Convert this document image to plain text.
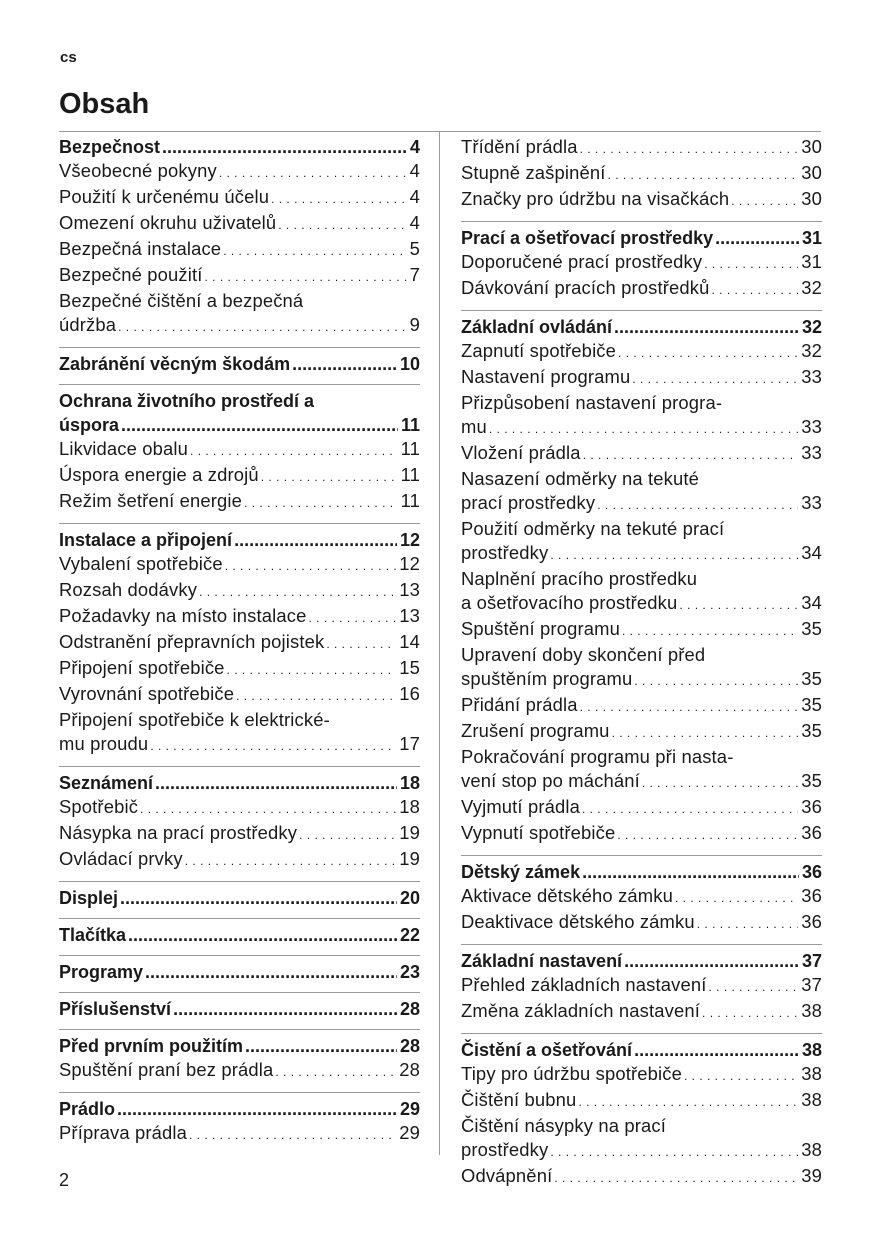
cs
Obsah
Bezpečnost .....	4
Všeobecné pokyny . . .	4
Použití k určenému účelu . . .	4
Omezení okruhu uživatelů . . .	4
Bezpečná instalace . . .	5
Bezpečné použití . . .	7
Bezpečné čištění a bezpečná
údržba . . .	9
Zabránění věcným škodám .....	10
Ochrana životního prostředí a
úspora .....	11
Likvidace obalu . . .	11
Úspora energie a zdrojů . . .	11
Režim šetření energie . . .	11
Instalace a připojení .....	12
Vybalení spotřebiče . . .	12
Rozsah dodávky . . .	13
Požadavky na místo instalace . . .	13
Odstranění přepravních pojistek . . .	14
Připojení spotřebiče . . .	15
Vyrovnání spotřebiče . . .	16
Připojení spotřebiče k elektrické-
mu proudu . . .	17
Seznámení .....	18
Spotřebič . . .	18
Násypka na prací prostředky . . .	19
Ovládací prvky . . .	19
Displej .....	20
Tlačítka .....	22
Programy .....	23
Příslušenství .....	28
Před prvním použitím .....	28
Spuštění praní bez prádla . . .	28
Prádlo .....	29
Příprava prádla . . .	29
Třídění prádla . . .	30
Stupně zašpinění . . .	30
Značky pro údržbu na visačkách . . .	30
Prací a ošetřovací prostředky .....	31
Doporučené prací prostředky . . .	31
Dávkování pracích prostředků . . .	32
Základní ovládání .....	32
Zapnutí spotřebiče . . .	32
Nastavení programu . . .	33
Přizpůsobení nastavení progra-
mu . . .	33
Vložení prádla . . .	33
Nasazení odměrky na tekuté
prací prostředky . . .	33
Použití odměrky na tekuté prací
prostředky . . .	34
Naplnění pracího prostředku
a ošetřovacího prostředku . . .	34
Spuštění programu . . .	35
Upravení doby skončení před
spuštěním programu . . .	35
Přidání prádla . . .	35
Zrušení programu . . .	35
Pokračování programu při nasta-
vení stop po máchání . . .	35
Vyjmutí prádla . . .	36
Vypnutí spotřebiče . . .	36
Dětský zámek .....	36
Aktivace dětského zámku . . .	36
Deaktivace dětského zámku . . .	36
Základní nastavení .....	37
Přehled základních nastavení . . .	37
Změna základních nastavení . . .	38
Čistění a ošetřování .....	38
Tipy pro údržbu spotřebiče . . .	38
Čištění bubnu . . .	38
Čištění násypky na prací
prostředky . . .	38
Odvápnění . . .	39
2
